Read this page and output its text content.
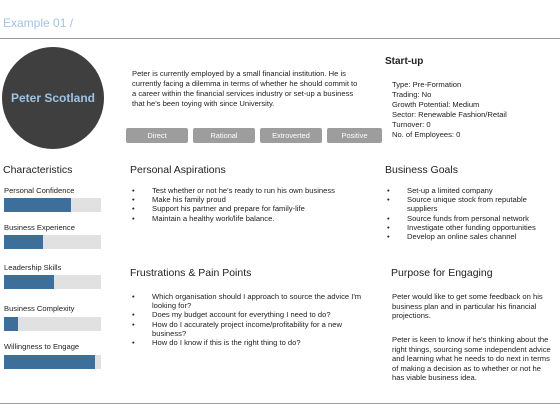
Example 01 /
Peter Scotland
Peter is currently employed by a small financial institution. He is currently facing a dilemma in terms of whether he should commit to a career within the financial services industry or set-up a business that he's been toying with since University.
Direct	Rational	Extroverted	Positive
Start-up
Type: Pre-Formation
Trading: No
Growth Potential: Medium
Sector: Renewable Fashion/Retail
Turnover: 0
No. of Employees: 0
Characteristics
Personal Confidence
Business Experience
Leadership Skills
Business Complexity
Willingness to Engage
Personal Aspirations
• Test whether or not he's ready to run his own business
• Make his family proud
• Support his partner and prepare for family-life
• Maintain a healthy work/life balance.
Business Goals
• Set-up a limited company
• Source unique stock from reputable suppliers
• Source funds from personal network
• Investigate other funding opportunities
• Develop an online sales channel
Frustrations & Pain Points
• Which organisation should I approach to source the advice I'm looking for?
• Does my budget account for everything I need to do?
• How do I accurately project income/profitability for a new business?
• How do I know if this is the right thing to do?
Purpose for Engaging
Peter would like to get some feedback on his business plan and in particular his financial projections.
Peter is keen to know if he's thinking about the right things, sourcing some independent advice and learning what he needs to do next in terms of making a decision as to whether or not he has viable business idea.
